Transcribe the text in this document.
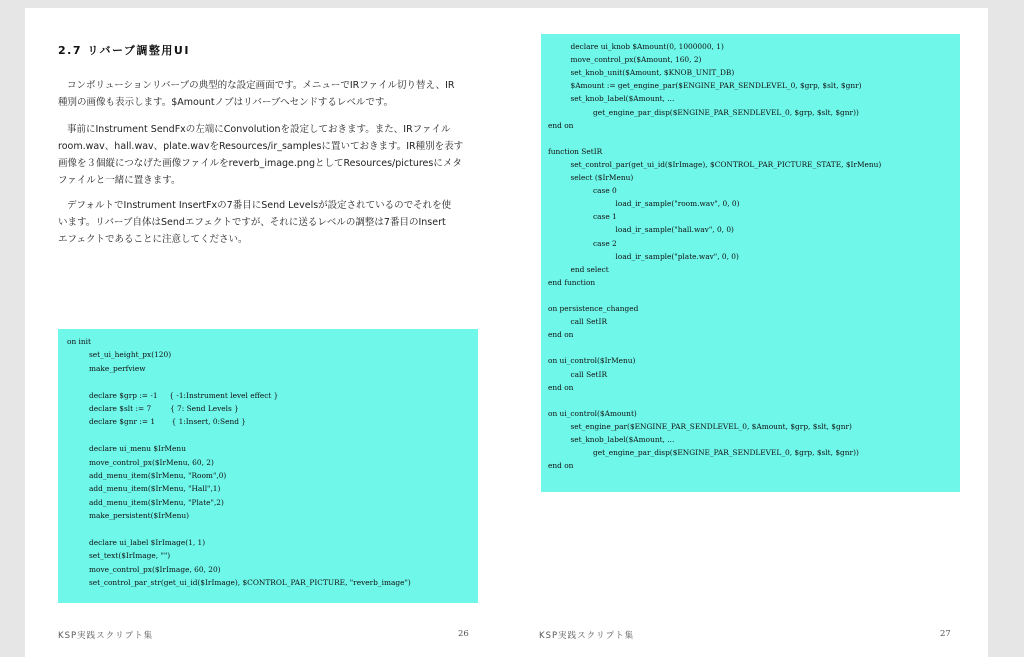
2.7 リバーブ調整用UI
コンボリューションリバーブの典型的な設定画面です。メニューでIRファイル切り替え、IR
種別の画像も表示します。$Amountノブはリバーブへセンドするレベルです。
事前にInstrument SendFxの左端にConvolutionを設定しておきます。また、IRファイル
room.wav、hall.wav、plate.wavをResources/ir_samplesに置いておきます。IR種別を表す
画像を３個縦につなげた画像ファイルをreverb_image.pngとしてResources/picturesにメタ
ファイルと一緒に置きます。
デフォルトでInstrument InsertFxの7番目にSend Levelsが設定されているのでそれを使
います。リバーブ自体はSendエフェクトですが、それに送るレベルの調整は7番目のInsert
エフェクトであることに注意してください。
on init
set_ui_height_px(120)
make_perfview
declare $grp := -1     { -1:Instrument level effect }
declare $slt := 7        { 7: Send Levels }
declare $gnr := 1       { 1:Insert, 0:Send }
declare ui_menu $IrMenu
move_control_px($IrMenu, 60, 2)
add_menu_item($IrMenu, "Room",0)
add_menu_item($IrMenu, "Hall",1)
add_menu_item($IrMenu, "Plate",2)
make_persistent($IrMenu)
declare ui_label $IrImage(1, 1)
set_text($IrImage, "")
move_control_px($IrImage, 60, 20)
set_control_par_str(get_ui_id($IrImage), $CONTROL_PAR_PICTURE, "reverb_image")
KSP実践スクリプト集	26
declare ui_knob $Amount(0, 1000000, 1)
move_control_px($Amount, 160, 2)
set_knob_unit($Amount, $KNOB_UNIT_DB)
$Amount := get_engine_par($ENGINE_PAR_SENDLEVEL_0, $grp, $slt, $gnr)
set_knob_label($Amount, ...
get_engine_par_disp($ENGINE_PAR_SENDLEVEL_0, $grp, $slt, $gnr))
end on
function SetIR
set_control_par(get_ui_id($IrImage), $CONTROL_PAR_PICTURE_STATE, $IrMenu)
select ($IrMenu)
case 0
load_ir_sample("room.wav", 0, 0)
case 1
load_ir_sample("hall.wav", 0, 0)
case 2
load_ir_sample("plate.wav", 0, 0)
end select
end function
on persistence_changed
call SetIR
end on
on ui_control($IrMenu)
call SetIR
end on
on ui_control($Amount)
set_engine_par($ENGINE_PAR_SENDLEVEL_0, $Amount, $grp, $slt, $gnr)
set_knob_label($Amount, ...
get_engine_par_disp($ENGINE_PAR_SENDLEVEL_0, $grp, $slt, $gnr))
end on
KSP実践スクリプト集	27
